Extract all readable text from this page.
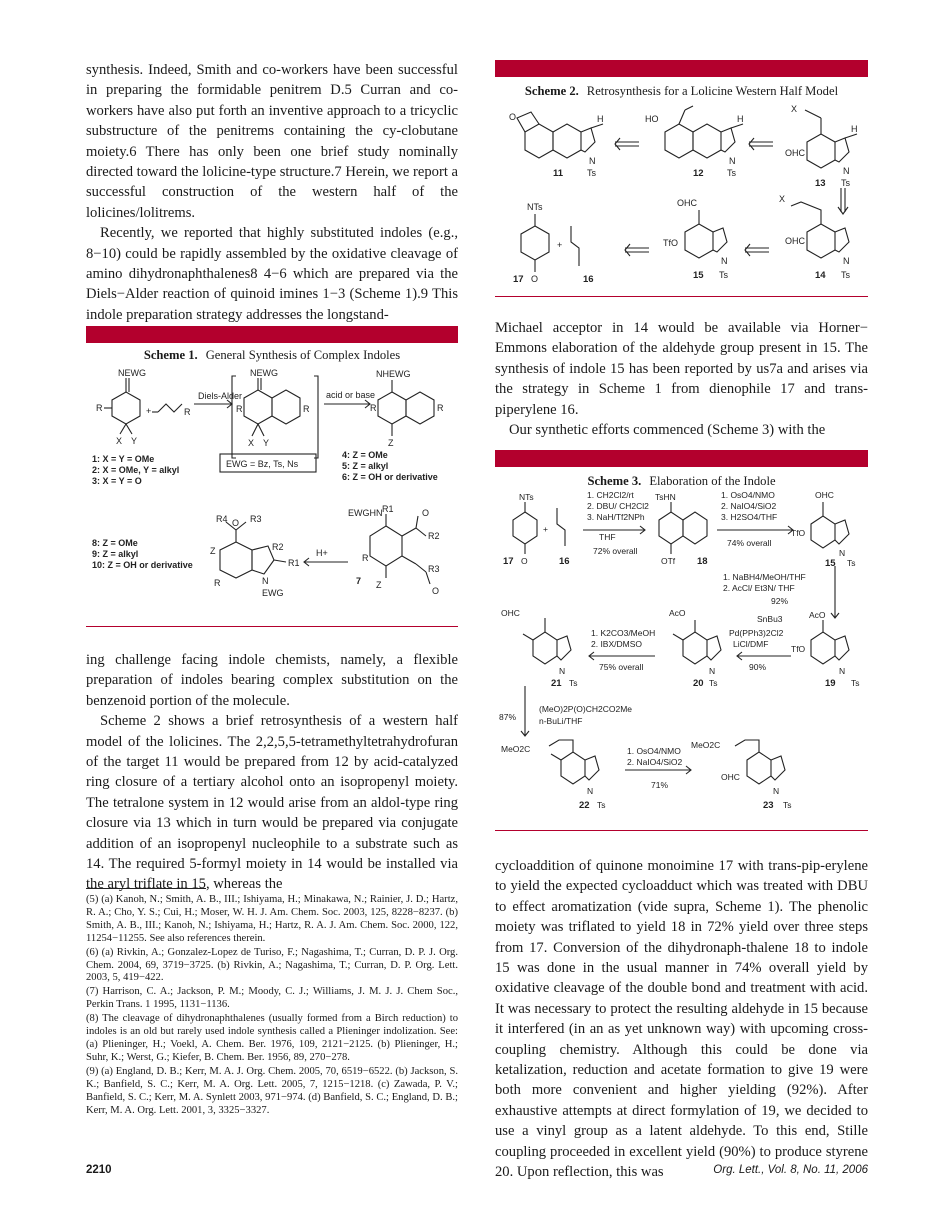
synthesis. Indeed, Smith and co-workers have been successful in preparing the formidable penitrem D.5 Curran and co-workers have also put forth an inventive approach to a tricyclic substructure of the penitrems containing the cy-clobutane moiety.6 There has only been one brief study nominally directed toward the lolicine-type structure.7 Herein, we report a successful construction of the western half of the lolicines/lolitrems.

Recently, we reported that highly substituted indoles (e.g., 8−10) could be rapidly assembled by the oxidative cleavage of amino dihydronaphthalenes8 4−6 which are prepared via the Diels−Alder reaction of quinoid imines 1−3 (Scheme 1).9 This indole preparation strategy addresses the longstand-

Scheme 1. General Synthesis of Complex Indoles
NEWG
R	+	R
X Y
Diels-Alder
NEWG
R	R
X Y
acid or base
NHEWG
R	R
Z
1: X = Y = OMe
2: X = OMe, Y = alkyl
3: X = Y = O
4: Z = OMe
5: Z = alkyl
6: Z = OH or derivative
8: Z = OMe
9: Z = alkyl
10: Z = OH or derivative
7
EWG = Bz, Ts, Ns
EWGHN R1	O
R2
R3
O
R
Z
H+
O
R4 R3
R2
R1
Z
R	N
EWG

ing challenge facing indole chemists, namely, a flexible preparation of indoles bearing complex substitution on the benzenoid portion of the molecule.

Scheme 2 shows a brief retrosynthesis of a western half model of the lolicines. The 2,2,5,5-tetramethyltetrahydrofuran of the target 11 would be prepared from 12 by acid-catalyzed ring closure of a tertiary alcohol onto an isopropenyl moiety. The tetralone system in 12 would arise from an aldol-type ring closure via 13 which in turn would be prepared via conjugate addition of an isopropenyl nucleophile to a substrate such as 14. The required 5-formyl moiety in 14 would be installed via the aryl triflate in 15, whereas the

(5) (a) Kanoh, N.; Smith, A. B., III.; Ishiyama, H.; Minakawa, N.; Rainier, J. D.; Hartz, R. A.; Cho, Y. S.; Cui, H.; Moser, W. H. J. Am. Chem. Soc. 2003, 125, 8228−8237. (b) Smith, A. B., III.; Kanoh, N.; Ishiyama, H.; Hartz, R. A. J. Am. Chem. Soc. 2000, 122, 11254−11255. See also references therein.

(6) (a) Rivkin, A.; Gonzalez-Lopez de Turiso, F.; Nagashima, T.; Curran, D. P. J. Org. Chem. 2004, 69, 3719−3725. (b) Rivkin, A.; Nagashima, T.; Curran, D. P. Org. Lett. 2003, 5, 419−422.

(7) Harrison, C. A.; Jackson, P. M.; Moody, C. J.; Williams, J. M. J. J. Chem Soc., Perkin Trans. 1 1995, 1131−1136.

(8) The cleavage of dihydronaphthalenes (usually formed from a Birch reduction) to indoles is an old but rarely used indole synthesis called a Plieninger indolization. See: (a) Plieninger, H.; Voekl, A. Chem. Ber. 1976, 109, 2121−2125. (b) Plieninger, H.; Suhr, K.; Werst, G.; Kiefer, B. Chem. Ber. 1956, 89, 270−278.

(9) (a) England, D. B.; Kerr, M. A. J. Org. Chem. 2005, 70, 6519−6522. (b) Jackson, S. K.; Banfield, S. C.; Kerr, M. A. Org. Lett. 2005, 7, 1215−1218. (c) Zawada, P. V.; Banfield, S. C.; Kerr, M. A. Synlett 2003, 971−974. (d) Banfield, S. C.; England, D. B.; Kerr, M. A. Org. Lett. 2001, 3, 3325−3327.

Scheme 2. Retrosynthesis for a Lolicine Western Half Model
O	H
N
Ts
HO	H
N
Ts
X
OHC
H
N
Ts
X
OHC
N
Ts
OHC
TfO
N
Ts
NTs
O
+
11	12
13
14
15
16
17

Michael acceptor in 14 would be available via Horner− Emmons elaboration of the aldehyde group present in 15. The synthesis of indole 15 has been reported by us7a and arises via the strategy in Scheme 1 from dienophile 17 and trans-piperylene 16.

Our synthetic efforts commenced (Scheme 3) with the

Scheme 3. Elaboration of the Indole
NTs
O
+
1. CH2Cl2/rt
2. DBU/ CH2Cl2
3. NaH/Tf2NPh
THF
72% overall
TsHN
OTf
1. OsO4/NMO
2. NaIO4/SiO2
3. H2SO4/THF
74% overall
OHC
TfO
N
Ts
1. NaBH4/MeOH/THF
2. AcCl/ Et3N/ THF
92%
AcO
TfO
N
Ts
SnBu3
Pd(PPh3)2Cl2
LiCl/DMF
90%
AcO
N
Ts
1. K2CO3/MeOH
2. IBX/DMSO
75% overall
OHC
N
Ts
87%
(MeO)2P(O)CH2CO2Me
n-BuLi/THF
MeO2C
N
Ts
1. OsO4/NMO
2. NaIO4/SiO2
71%
MeO2C
OHC
N
Ts
17	16	18	15
19
20
21
22	23

cycloaddition of quinone monoimine 17 with trans-pip-erylene to yield the expected cycloadduct which was treated with DBU to effect aromatization (vide supra, Scheme 1). The phenolic moiety was triflated to yield 18 in 72% yield over three steps from 17. Conversion of the dihydronaph-thalene 18 to indole 15 was done in the usual manner in 74% overall yield by oxidative cleavage of the double bond and treatment with acid. It was necessary to protect the resulting aldehyde in 15 because it interfered (in an as yet unknown way) with upcoming cross-coupling chemistry. Although this could be done via ketalization, reduction and acetate formation to give 19 were both more convenient and higher yielding (92%). After exhaustive attempts at direct formylation of 19, we decided to use a vinyl group as a latent aldehyde. To this end, Stille coupling proceeded in excellent yield (90%) to produce styrene 20. Upon reflection, this was

2210	Org. Lett., Vol. 8, No. 11, 2006
